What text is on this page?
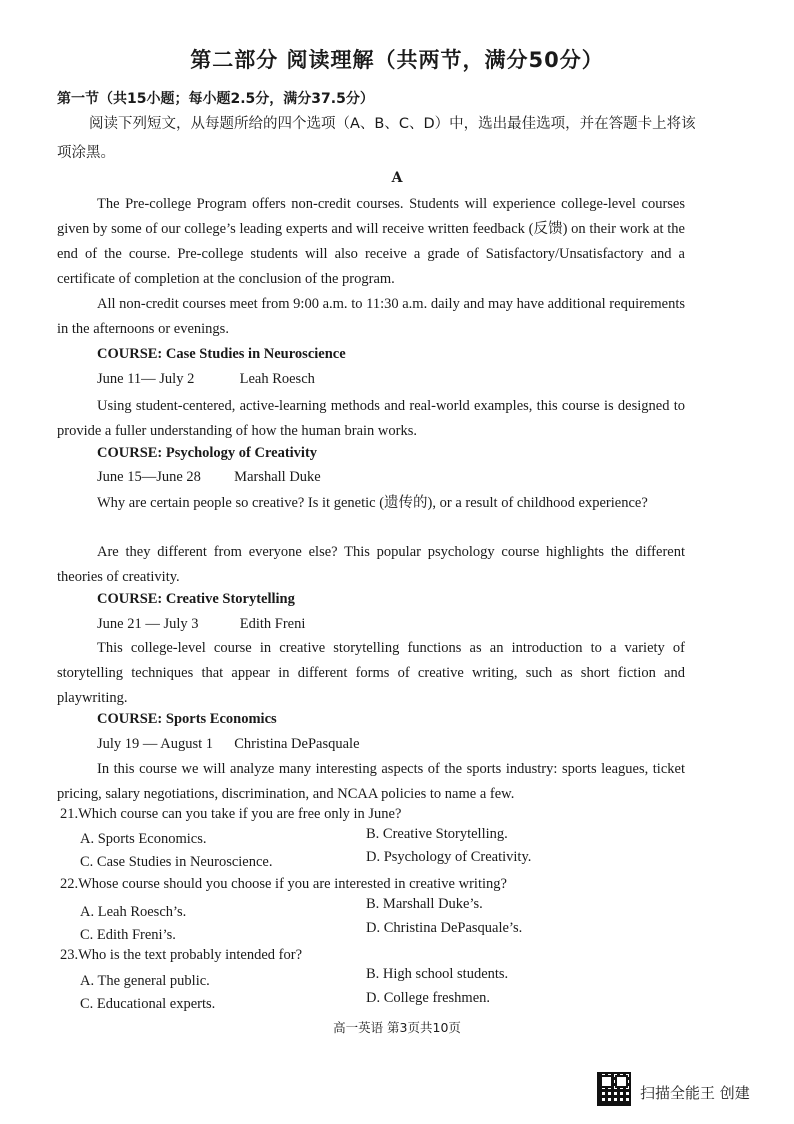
第二部分 阅读理解（共两节，满分50分）
第一节（共15小题；每小题2.5分，满分37.5分）
阅读下列短文，从每题所给的四个选项（A、B、C、D）中，选出最佳选项，并在答题卡上将该项涂黑。
A
The Pre-college Program offers non-credit courses. Students will experience college-level courses given by some of our college’s leading experts and will receive written feedback (反馈) on their work at the end of the course. Pre-college students will also receive a grade of Satisfactory/Unsatisfactory and a certificate of completion at the conclusion of the program.
All non-credit courses meet from 9:00 a.m. to 11:30 a.m. daily and may have additional requirements in the afternoons or evenings.
COURSE: Case Studies in Neuroscience
June 11— July 2	Leah Roesch
Using student-centered, active-learning methods and real-world examples, this course is designed to provide a fuller understanding of how the human brain works.
COURSE: Psychology of Creativity
June 15—June 28 Marshall Duke
Why are certain people so creative? Is it genetic (遗传的), or a result of childhood experience?
Are they different from everyone else? This popular psychology course highlights the different theories of creativity.
COURSE: Creative Storytelling
June 21 — July 3	Edith Freni
This college-level course in creative storytelling functions as an introduction to a variety of storytelling techniques that appear in different forms of creative writing, such as short fiction and playwriting.
COURSE: Sports Economics
July 19 — August 1 Christina DePasquale
In this course we will analyze many interesting aspects of the sports industry: sports leagues, ticket pricing, salary negotiations, discrimination, and NCAA policies to name a few.
21.Which course can you take if you are free only in June?
A. Sports Economics.	B. Creative Storytelling.
C. Case Studies in Neuroscience.	D. Psychology of Creativity.
22.Whose course should you choose if you are interested in creative writing?
A. Leah Roesch’s.	B. Marshall Duke’s.
C. Edith Freni’s.	D. Christina DePasquale’s.
23.Who is the text probably intended for?
A. The general public.	B. High school students.
C. Educational experts.	D. College freshmen.
高一英语 第3页共10页
扫描全能王 创建
